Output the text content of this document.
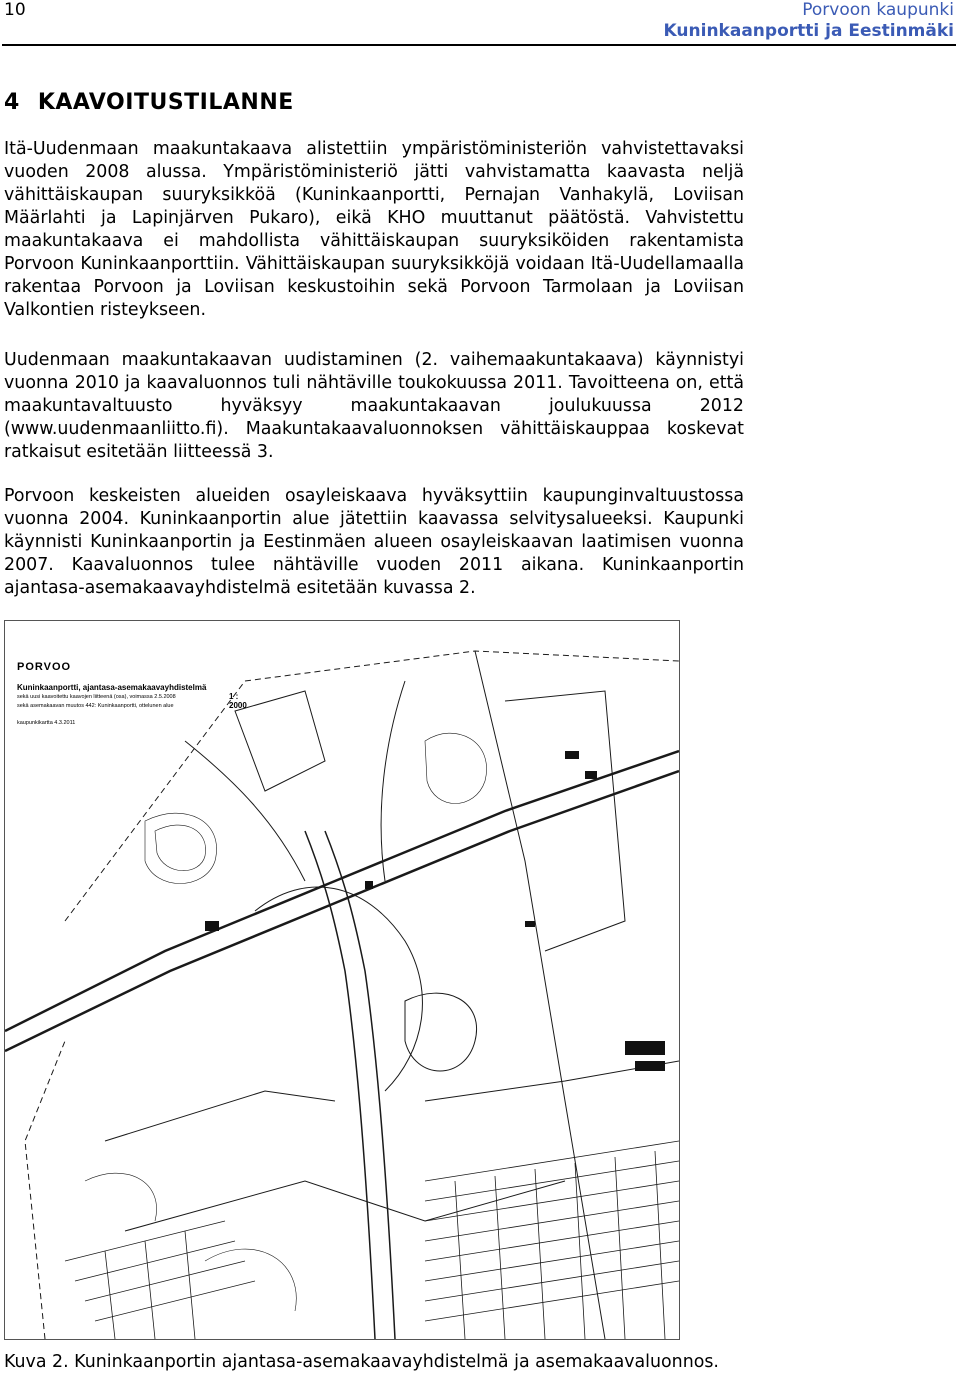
10	Porvoon kaupunki
Kuninkaanportti ja Eestinmäki
4 KAAVOITUSTILANNE
Itä-Uudenmaan maakuntakaava alistettiin ympäristöministeriön vahvistettavaksi vuoden 2008 alussa. Ympäristöministeriö jätti vahvistamatta kaavasta neljä vähittäiskaupan suuryksikköä (Kuninkaanportti, Pernajan Vanhakylä, Loviisan Määrlahti ja Lapinjärven Pukaro), eikä KHO muuttanut päätöstä. Vahvistettu maakuntakaava ei mahdollista vähittäiskaupan suuryksiköiden rakentamista Porvoon Kuninkaanporttiin. Vähittäiskaupan suuryksikköjä voidaan Itä-Uudellamaalla rakentaa Porvoon ja Loviisan keskustoihin sekä Porvoon Tarmolaan ja Loviisan Valkontien risteykseen.
Uudenmaan maakuntakaavan uudistaminen (2. vaihemaakuntakaava) käynnistyi vuonna 2010 ja kaavaluonnos tuli nähtäville toukokuussa 2011. Tavoitteena on, että maakuntavaltuusto hyväksyy maakuntakaavan joulukuussa 2012 (www.uudenmaanliitto.fi). Maakuntakaavaluonnoksen vähittäiskauppaa koskevat ratkaisut esitetään liitteessä 3.
Porvoon keskeisten alueiden osayleiskaava hyväksyttiin kaupunginvaltuustossa vuonna 2004. Kuninkaanportin alue jätettiin kaavassa selvitysalueeksi. Kaupunki käynnisti Kuninkaanportin ja Eestinmäen alueen osayleiskaavan laatimisen vuonna 2007. Kaavaluonnos tulee nähtäville vuoden 2011 aikana. Kuninkaanportin ajantasa-asemakaavayhdistelmä esitetään kuvassa 2.
PORVOO
Kuninkaanportti, ajantasa-asemakaavayhdistelmä
1 : 2000
sekä uusi kaavoitettu kaavojen liitteenä (osa), voimassa 2.5.2008
sekä asemakaavan muutos 442: Kuninkaanportti, ottelunen alue
kaupunkikartta 4.3.2011
Kuva 2. Kuninkaanportin ajantasa-asemakaavayhdistelmä ja asemakaavaluonnos.
